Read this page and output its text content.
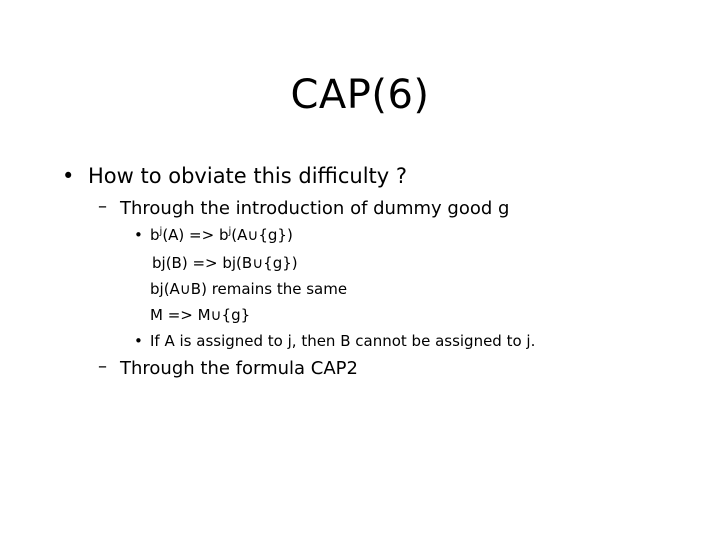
CAP(6)
• How to obviate this difficulty ?
– Through the introduction of dummy good g
• $b^j(A)$ => $b^j(A\cup\{g\})$
bj(B) => bj(B∪{g})
bj(A∪B) remains the same
M => M∪{g}
• If A is assigned to j, then B cannot be assigned to j.
– Through the formula CAP2
